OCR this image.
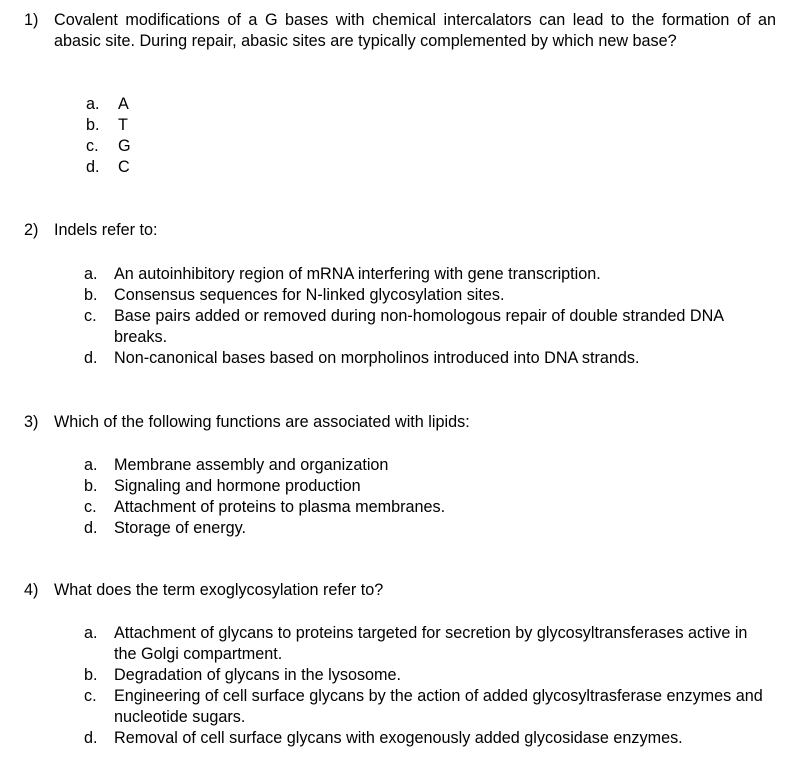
1) Covalent modifications of a G bases with chemical intercalators can lead to the formation of an abasic site. During repair, abasic sites are typically complemented by which new base?
a.	A
b.	T
c.	G
d.	C
2) Indels refer to:
a.	An autoinhibitory region of mRNA interfering with gene transcription.
b.	Consensus sequences for N-linked glycosylation sites.
c.	Base pairs added or removed during non-homologous repair of double stranded DNA breaks.
d.	Non-canonical bases based on morpholinos introduced into DNA strands.
3) Which of the following functions are associated with lipids:
a.	Membrane assembly and organization
b.	Signaling and hormone production
c.	Attachment of proteins to plasma membranes.
d.	Storage of energy.
4) What does the term exoglycosylation refer to?
a.	Attachment of glycans to proteins targeted for secretion by glycosyltransferases active in the Golgi compartment.
b.	Degradation of glycans in the lysosome.
c.	Engineering of cell surface glycans by the action of added glycosyltrasferase enzymes and nucleotide sugars.
d.	Removal of cell surface glycans with exogenously added glycosidase enzymes.
